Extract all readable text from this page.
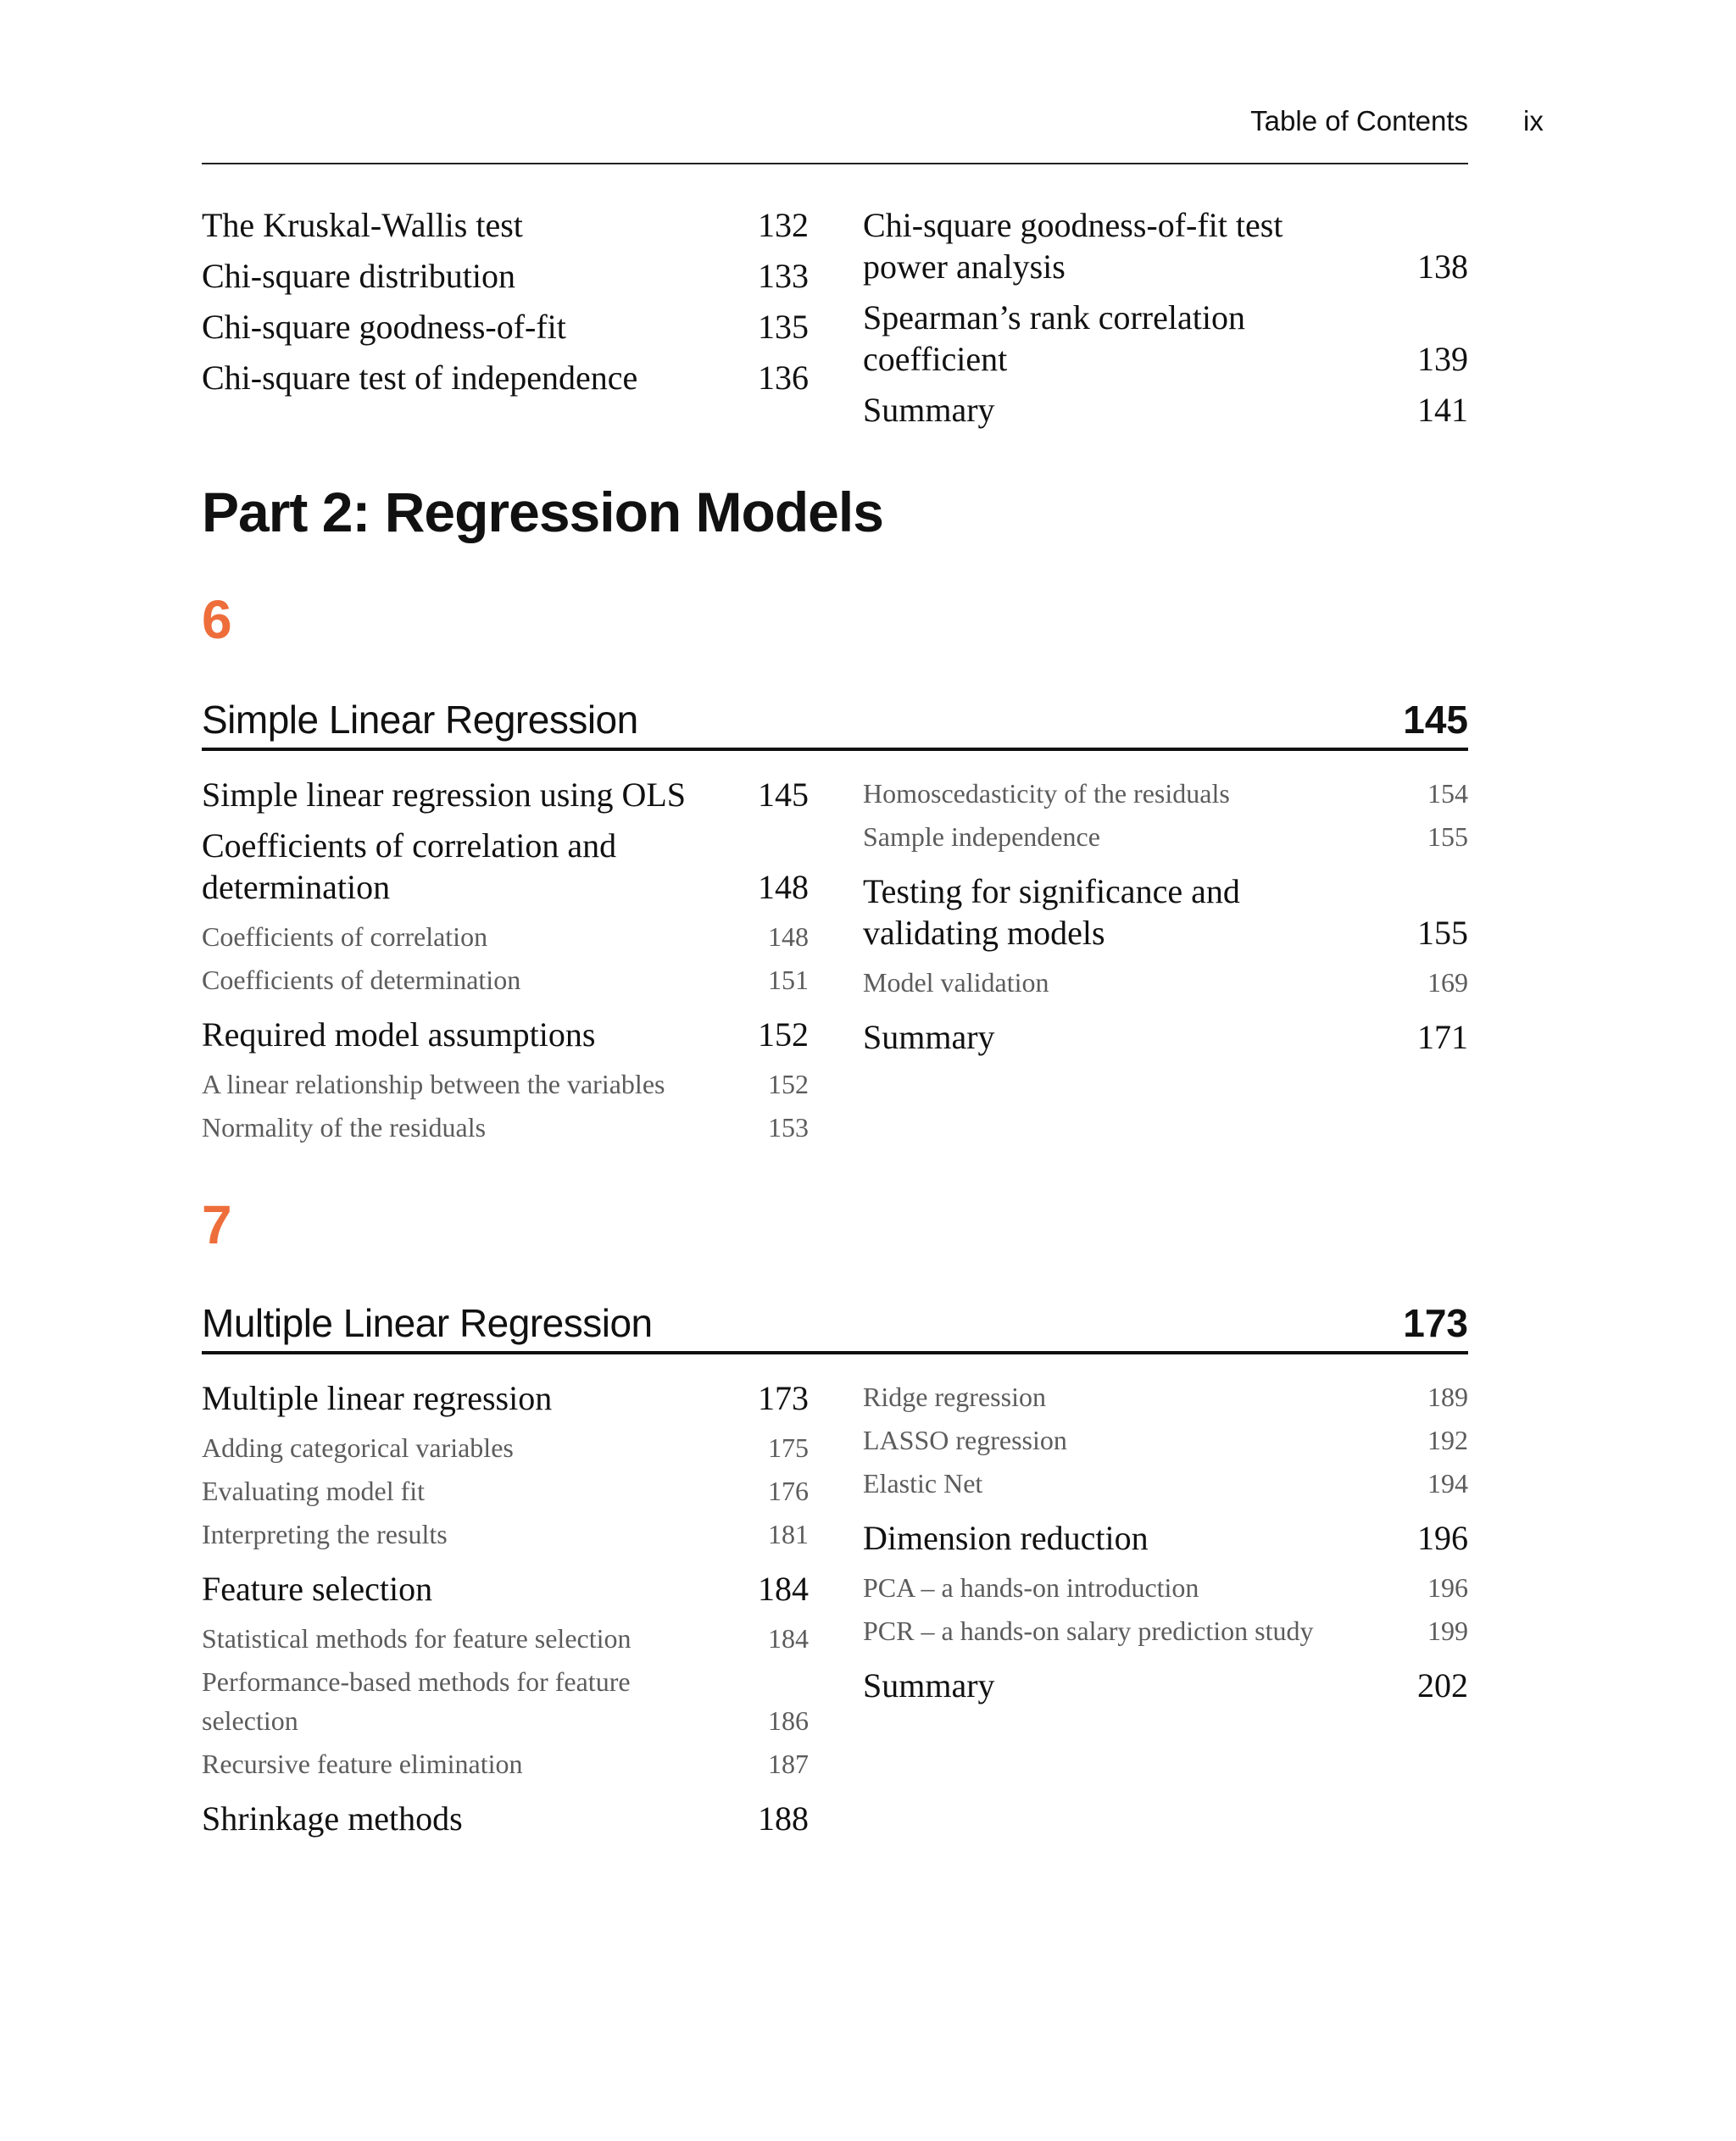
Table of Contents ix
The Kruskal-Wallis test	132
Chi-square distribution	133
Chi-square goodness-of-fit	135
Chi-square test of independence	136
Chi-square goodness-of-fit test power analysis	138
Spearman’s rank correlation coefficient	139
Summary	141
Part 2: Regression Models
6
Simple Linear Regression	145
Simple linear regression using OLS	145
Coefficients of correlation and determination	148
Coefficients of correlation	148
Coefficients of determination	151
Required model assumptions	152
A linear relationship between the variables	152
Normality of the residuals	153
Homoscedasticity of the residuals	154
Sample independence	155
Testing for significance and validating models	155
Model validation	169
Summary	171
7
Multiple Linear Regression	173
Multiple linear regression	173
Adding categorical variables	175
Evaluating model fit	176
Interpreting the results	181
Feature selection	184
Statistical methods for feature selection	184
Performance-based methods for feature selection	186
Recursive feature elimination	187
Shrinkage methods	188
Ridge regression	189
LASSO regression	192
Elastic Net	194
Dimension reduction	196
PCA – a hands-on introduction	196
PCR – a hands-on salary prediction study	199
Summary	202
